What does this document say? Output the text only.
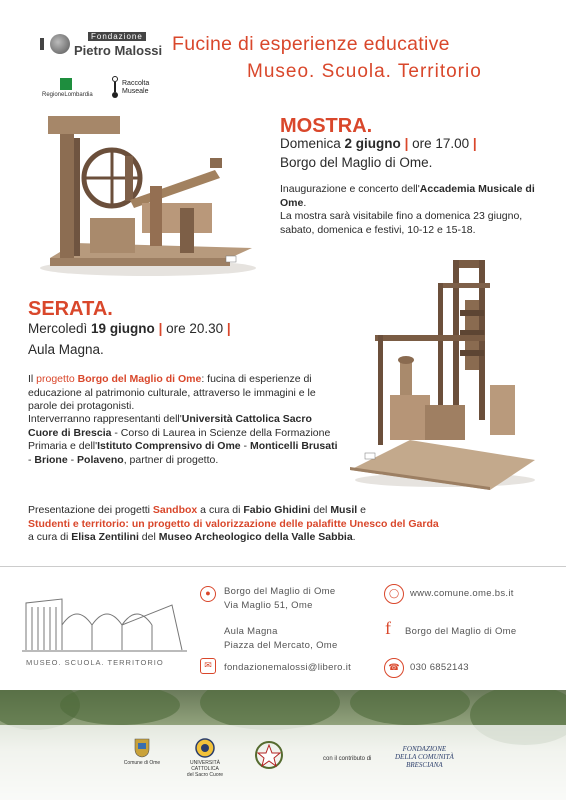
Fondazione
Pietro Malossi Fucine di esperienze educative
Museo. Scuola. Territorio
RegioneLombardia
Raccolta
Museale
MOSTRA.
Domenica 2 giugno | ore 17.00 |
Borgo del Maglio di Ome.
Inaugurazione e concerto dell'Accademia Musicale di Ome.
La mostra sarà visitabile fino a domenica 23 giugno, sabato, domenica e festivi, 10-12 e 15-18.
SERATA.
Mercoledì 19 giugno | ore 20.30 |
Aula Magna.
Il progetto Borgo del Maglio di Ome: fucina di esperienze di educazione al patrimonio culturale, attraverso le immagini e le parole dei protagonisti.
Interverranno rappresentanti dell'Università Cattolica Sacro Cuore di Brescia - Corso di Laurea in Scienze della Formazione Primaria e dell'Istituto Comprensivo di Ome - Monticelli Brusati - Brione - Polaveno, partner di progetto.
Presentazione dei progetti Sandbox a cura di Fabio Ghidini del Musil e
Studenti e territorio: un progetto di valorizzazione delle palafitte Unesco del Garda
a cura di Elisa Zentilini del Museo Archeologico della Valle Sabbia.
MUSEO. SCUOLA. TERRITORIO
●	Borgo del Maglio di Ome
Via Maglio 51, Ome
Aula Magna
Piazza del Mercato, Ome
✉	fondazionemalossi@libero.it
◯	www.comune.ome.bs.it
f Borgo del Maglio di Ome
☎	030 6852143

Comune di Ome	UNIVERSITÀ
CATTOLICA
del Sacro Cuore
con il contributo di
FONDAZIONE
DELLA COMUNITÀ
BRESCIANA
